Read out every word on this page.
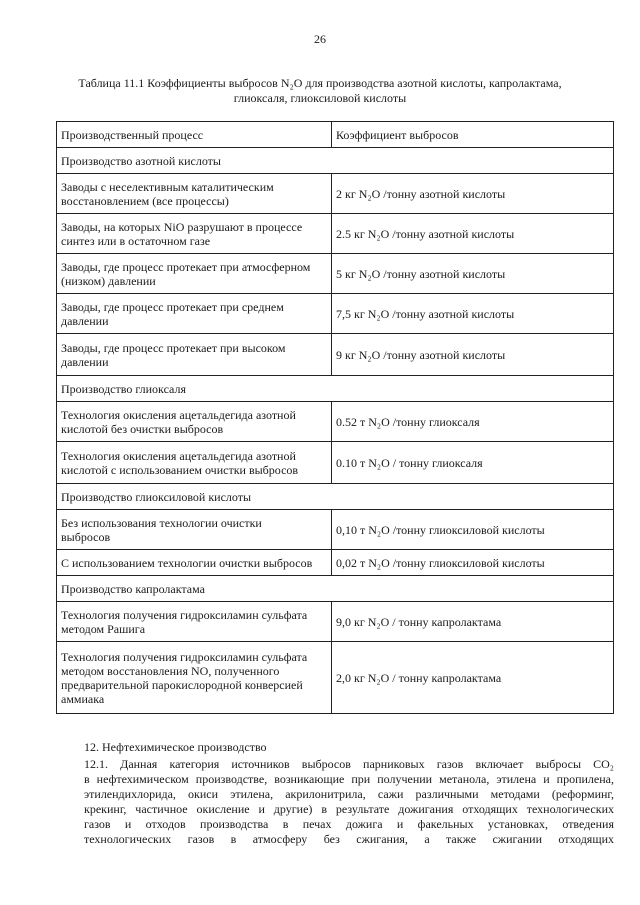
26
Таблица 11.1 Коэффициенты выбросов N₂O для производства азотной кислоты, капролактама,
глиоксаля, глиоксиловой кислоты
Производственный процесс	Коэффициент выбросов
Производство азотной кислоты	

Заводы с неселективным каталитическим
восстановлением (все процессы)	2 кг N₂O /тонну азотной кислоты

Заводы, на которых NiO разрушают в процессе
синтез или в остаточном газе	2.5 кг N₂O /тонну азотной кислоты

Заводы, где процесс протекает при атмосферном
(низком) давлении	5 кг N₂O /тонну азотной кислоты

Заводы, где процесс протекает при среднем
давлении	7,5 кг N₂O /тонну азотной кислоты

Заводы, где процесс протекает при высоком
давлении	9 кг N₂O /тонну азотной кислоты
Производство глиоксаля	

Технология окисления ацетальдегида азотной
кислотой без очистки выбросов	0.52 т N₂O /тонну глиоксаля

Технология окисления ацетальдегида азотной
кислотой с использованием очистки выбросов	0.10 т N₂O / тонну глиоксаля
Производство глиоксиловой кислоты	

Без использования технологии очистки
выбросов	0,10 т N₂O /тонну глиоксиловой кислоты

С использованием технологии очистки выбросов	0,02 т N₂O /тонну глиоксиловой кислоты
Производство капролактама	

Технология получения гидроксиламин сульфата
методом Рашига	9,0 кг N₂O / тонну капролактама

Технология получения гидроксиламин сульфата
методом восстановления NO, полученного
предварительной парокислородной конверсией
аммиака	2,0 кг N₂O / тонну капролактама
12. Нефтехимическое производство
12.1. Данная категория источников выбросов парниковых газов включает выбросы CO₂
в нефтехимическом производстве, возникающие при получении метанола, этилена и пропилена,
этилендихлорида, окиси этилена, акрилонитрила, сажи различными методами (реформинг,
крекинг, частичное окисление и другие) в результате дожигания отходящих технологических
газов и отходов производства в печах дожига и факельных установках, отведения
технологических газов в атмосферу без сжигания, а также сжигании отходящих
